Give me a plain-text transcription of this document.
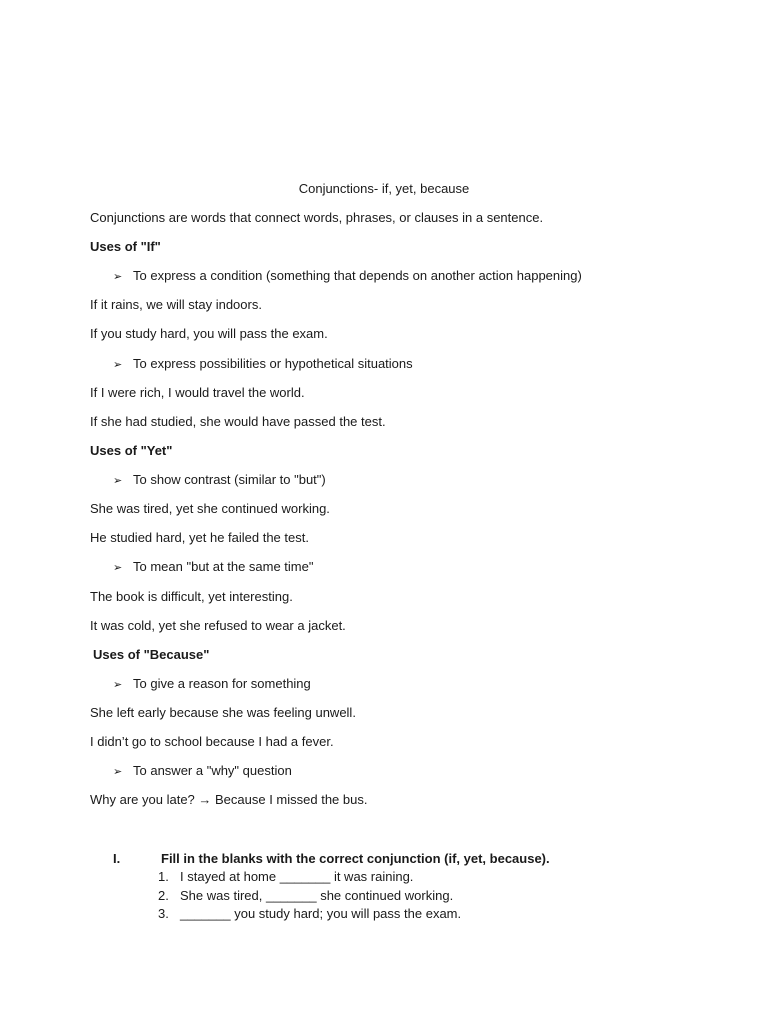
Conjunctions- if, yet, because
Conjunctions are words that connect words, phrases, or clauses in a sentence.
Uses of "If"
➢ To express a condition (something that depends on another action happening)
If it rains, we will stay indoors.
If you study hard, you will pass the exam.
➢ To express possibilities or hypothetical situations
If I were rich, I would travel the world.
If she had studied, she would have passed the test.
Uses of "Yet"
➢ To show contrast (similar to "but")
She was tired, yet she continued working.
He studied hard, yet he failed the test.
➢ To mean "but at the same time"
The book is difficult, yet interesting.
It was cold, yet she refused to wear a jacket.
Uses of "Because"
➢ To give a reason for something
She left early because she was feeling unwell.
I didn’t go to school because I had a fever.
➢ To answer a "why" question
Why are you late? → Because I missed the bus.
I.	Fill in the blanks with the correct conjunction (if, yet, because).
1. I stayed at home _______ it was raining.
2. She was tired, _______ she continued working.
3. _______ you study hard; you will pass the exam.
